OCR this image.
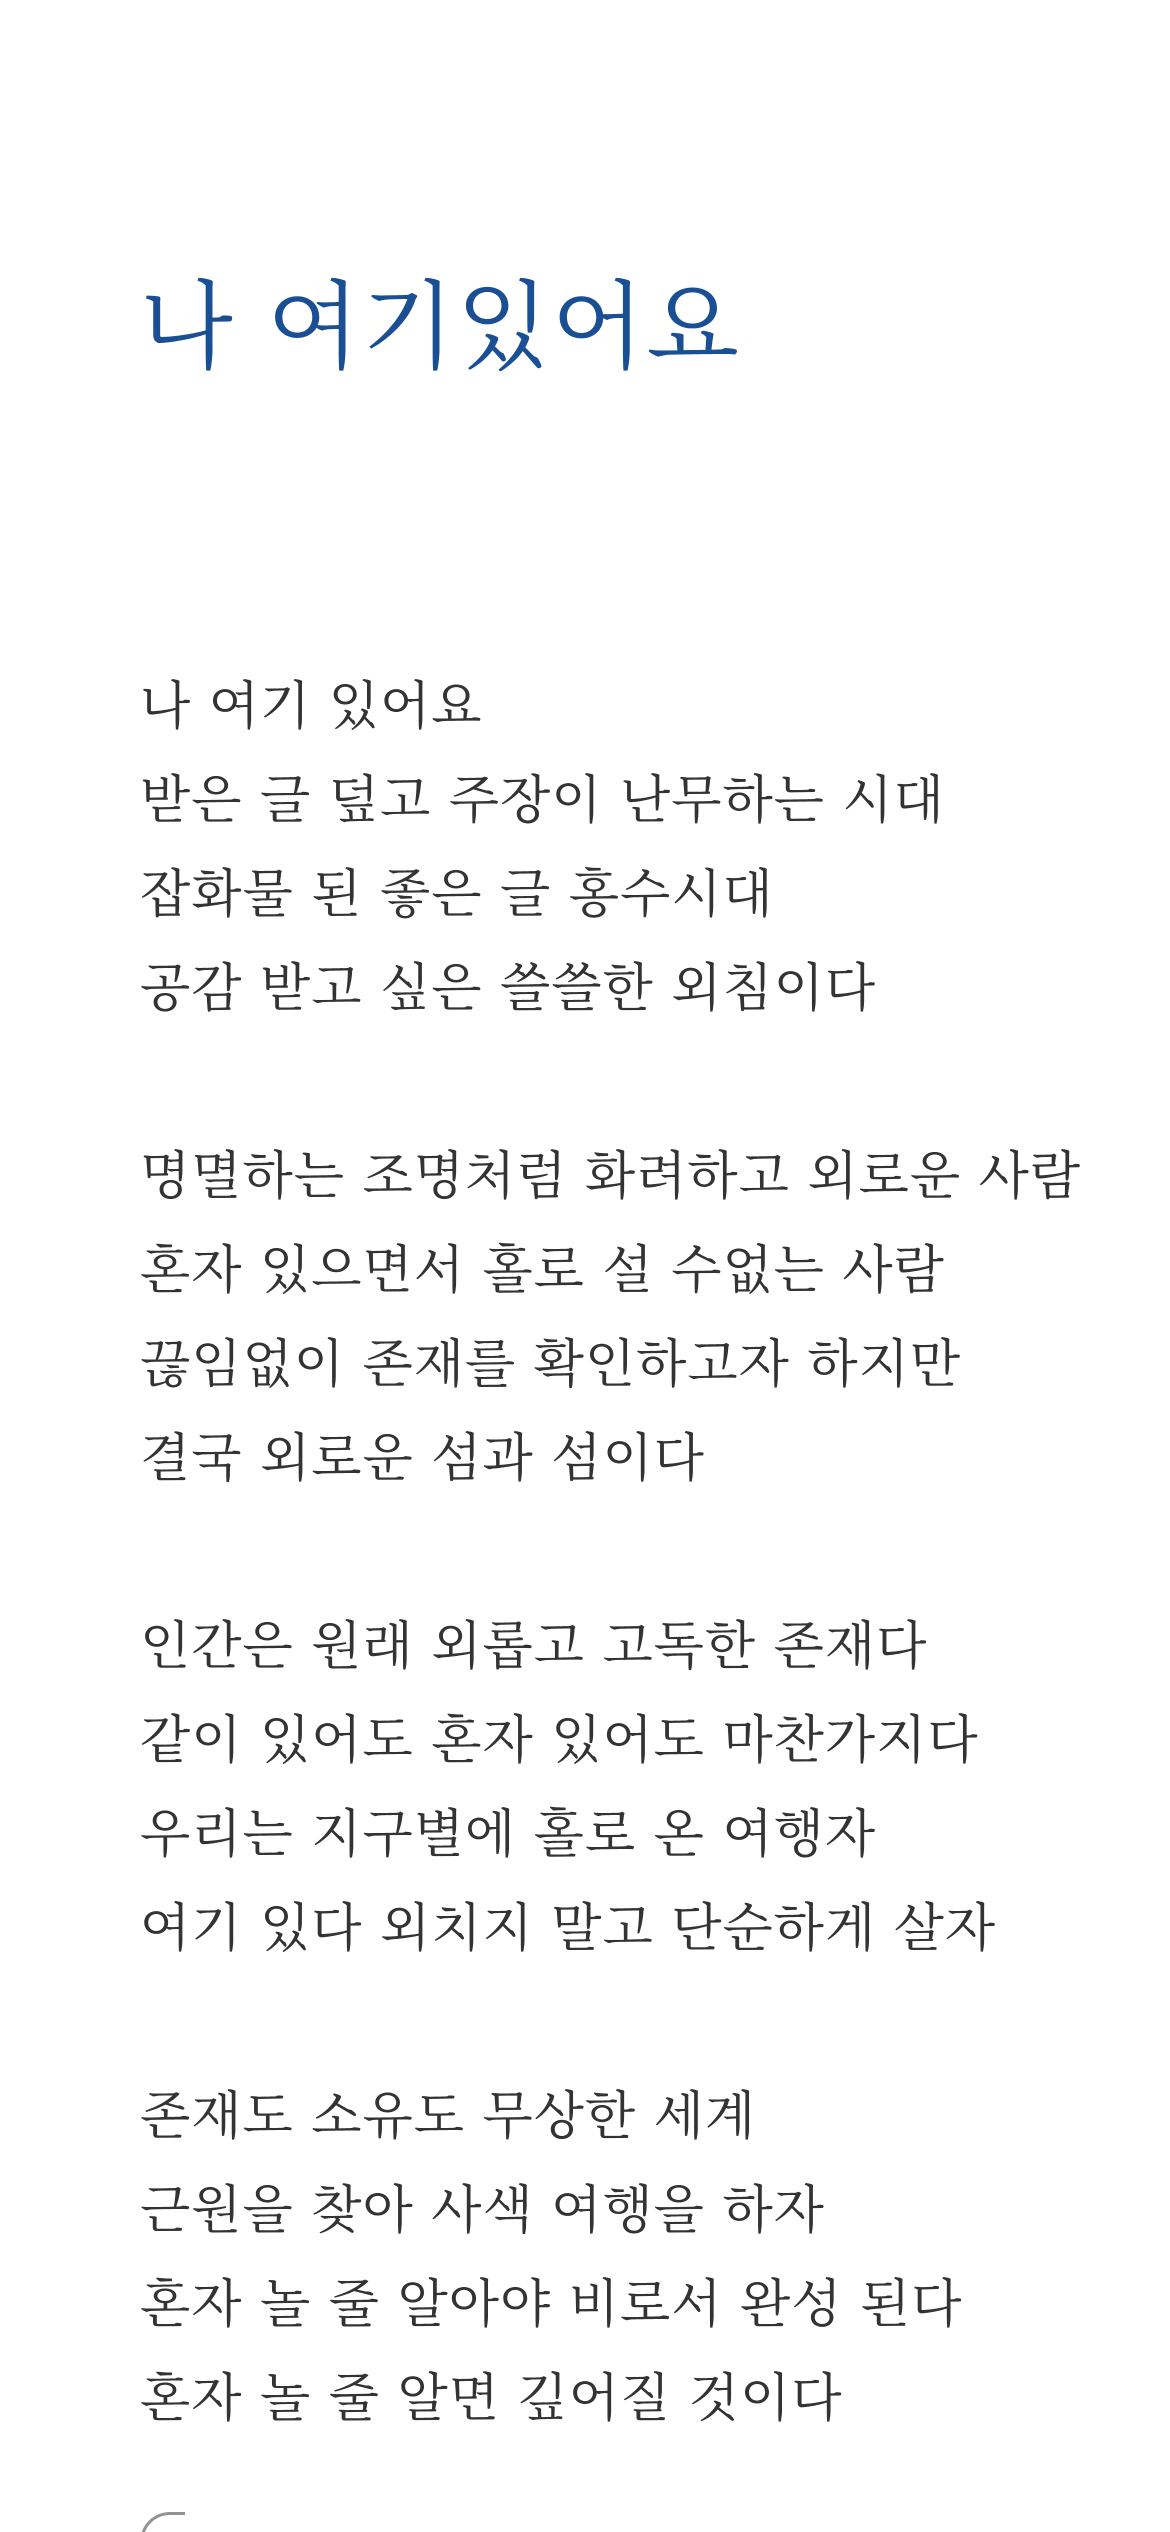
나 여기있어요
나 여기 있어요
받은 글 덮고 주장이 난무하는 시대
잡화물 된 좋은 글 홍수시대
공감 받고 싶은 쓸쓸한 외침이다
명멸하는 조명처럼 화려하고 외로운 사람
혼자 있으면서 홀로 설 수없는 사람
끊임없이 존재를 확인하고자 하지만
결국 외로운 섬과 섬이다
인간은 원래 외롭고 고독한 존재다
같이 있어도 혼자 있어도 마찬가지다
우리는 지구별에 홀로 온 여행자
여기 있다 외치지 말고 단순하게 살자
존재도 소유도 무상한 세계
근원을 찾아 사색 여행을 하자
혼자 놀 줄 알아야 비로서 완성 된다
혼자 놀 줄 알면 깊어질 것이다
